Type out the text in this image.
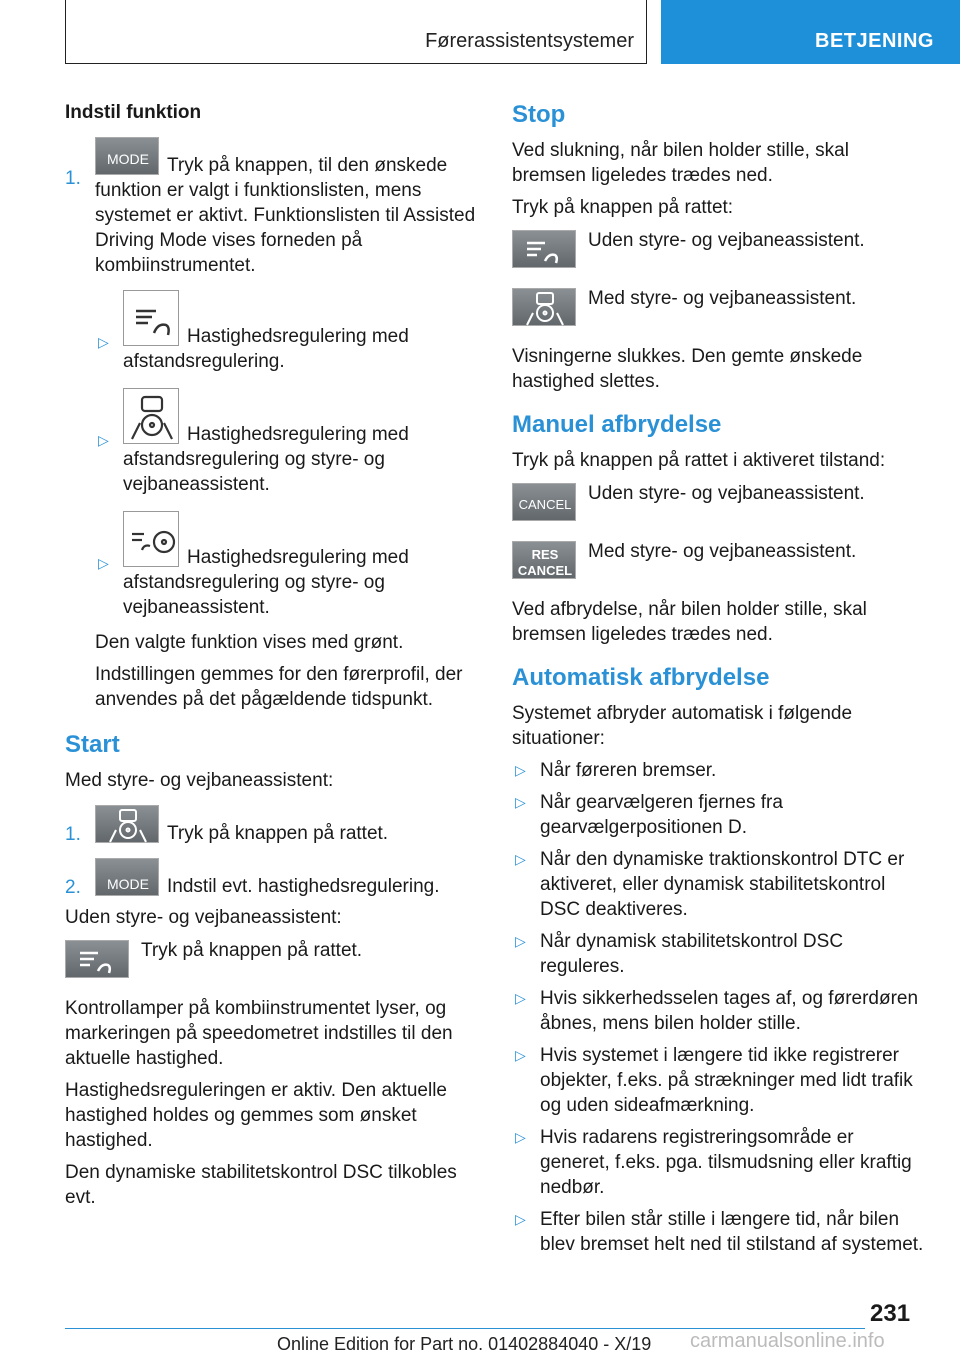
Førerassistentsystemer	BETJENING
Indstil funktion
1.
MODE Tryk på knappen, til den ønskede funktion er valgt i funktionslisten, mens systemet er aktivt. Funktionslisten til Assisted Driving Mode vises forneden på kombiinstrumentet.
▷	Hastighedsregulering med afstandsregulering.
▷	Hastighedsregulering med afstandsregulering og styre- og vejbaneassistent.
▷	Hastighedsregulering med afstandsregulering og styre- og vejbaneassistent.

Den valgte funktion vises med grønt.

Indstillingen gemmes for den førerprofil, der anvendes på det pågældende tidspunkt.

Start

Med styre- og vejbaneassistent:

1.	Tryk på knappen på rattet.
2. MODE Indstil evt. hastighedsregulering.

Uden styre- og vejbaneassistent:

Tryk på knappen på rattet.

Kontrollamper på kombiinstrumentet lyser, og markeringen på speedometret indstilles til den aktuelle hastighed.

Hastighedsreguleringen er aktiv. Den aktuelle hastighed holdes og gemmes som ønsket hastighed.

Den dynamiske stabilitetskontrol DSC tilkobles evt.

Stop

Ved slukning, når bilen holder stille, skal bremsen ligeledes trædes ned.

Tryk på knappen på rattet:

Uden styre- og vejbaneassistent.
Med styre- og vejbaneassistent.

Visningerne slukkes. Den gemte ønskede hastighed slettes.

Manuel afbrydelse

Tryk på knappen på rattet i aktiveret tilstand:

CANCEL
Uden styre- og vejbaneassistent.
RES
CANCEL
Med styre- og vejbaneassistent.

Ved afbrydelse, når bilen holder stille, skal bremsen ligeledes trædes ned.

Automatisk afbrydelse

Systemet afbryder automatisk i følgende situationer:

▷ Når føreren bremser.
▷ Når gearvælgeren fjernes fra gearvælgerpositionen D.
▷ Når den dynamiske traktionskontrol DTC er aktiveret, eller dynamisk stabilitetskontrol DSC deaktiveres.
▷ Når dynamisk stabilitetskontrol DSC reguleres.
▷ Hvis sikkerhedsselen tages af, og førerdøren åbnes, mens bilen holder stille.
▷ Hvis systemet i længere tid ikke registrerer objekter, f.eks. på strækninger med lidt trafik og uden sideafmærkning.
▷ Hvis radarens registreringsområde er generet, f.eks. pga. tilsmudsning eller kraftig nedbør.
▷ Efter bilen står stille i længere tid, når bilen blev bremset helt ned til stilstand af systemet.
231
Online Edition for Part no. 01402884040 - X/19 carmanualsonline.info
